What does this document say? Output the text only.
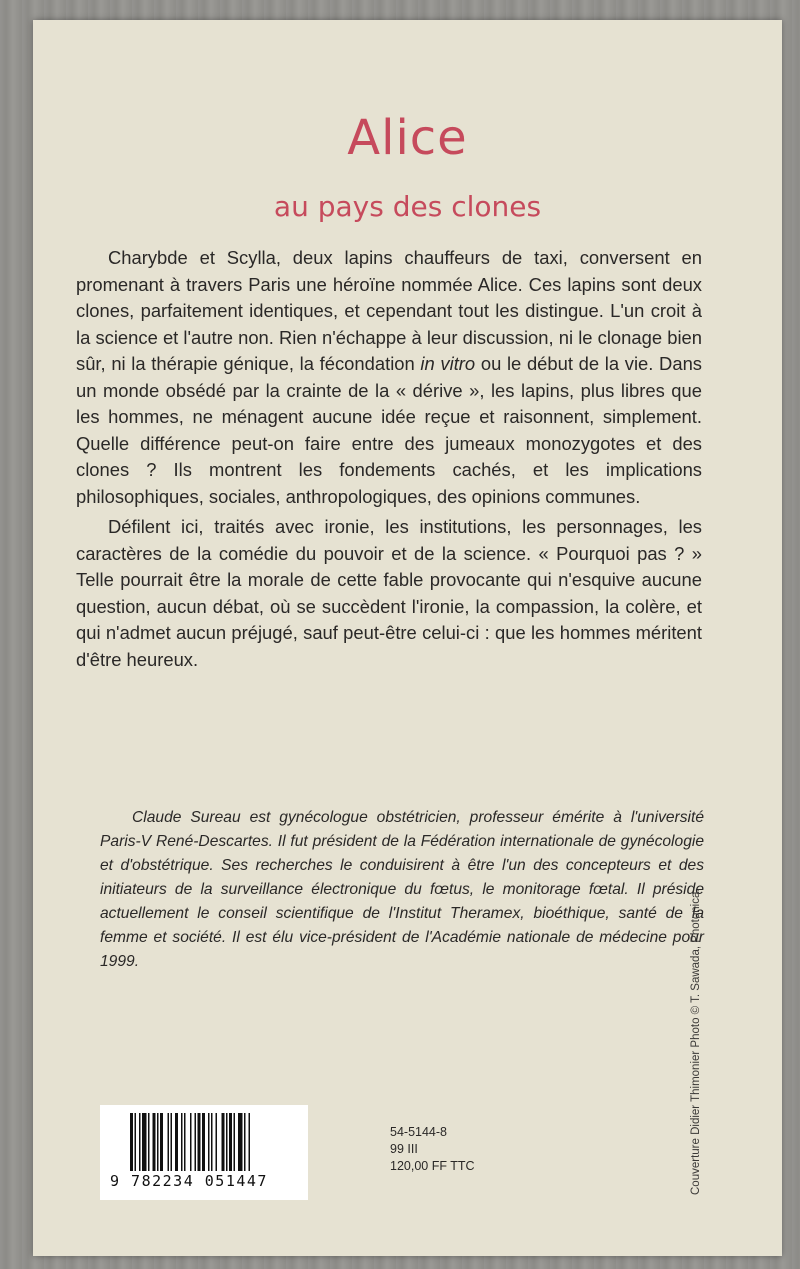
Alice
au pays des clones

Charybde et Scylla, deux lapins chauffeurs de taxi, conversent en promenant à travers Paris une héroïne nommée Alice. Ces lapins sont deux clones, parfaitement identiques, et cependant tout les distingue. L'un croit à la science et l'autre non. Rien n'échappe à leur discussion, ni le clonage bien sûr, ni la thérapie génique, la fécondation in vitro ou le début de la vie. Dans un monde obsédé par la crainte de la « dérive », les lapins, plus libres que les hommes, ne ménagent aucune idée reçue et raisonnent, simplement. Quelle différence peut-on faire entre des jumeaux monozygotes et des clones ? Ils montrent les fondements cachés, et les implications philosophiques, sociales, anthropologiques, des opinions communes.

Défilent ici, traités avec ironie, les institutions, les personnages, les caractères de la comédie du pouvoir et de la science. « Pourquoi pas ? » Telle pourrait être la morale de cette fable provocante qui n'esquive aucune question, aucun débat, où se succèdent l'ironie, la compassion, la colère, et qui n'admet aucun préjugé, sauf peut-être celui-ci : que les hommes méritent d'être heureux.

Claude Sureau est gynécologue obstétricien, professeur émérite à l'université Paris-V René-Descartes. Il fut président de la Fédération internationale de gynécologie et d'obstétrique. Ses recherches le conduisirent à être l'un des concepteurs et des initiateurs de la surveillance électronique du fœtus, le monitorage fœtal. Il préside actuellement le conseil scientifique de l'Institut Theramex, bioéthique, santé de la femme et société. Il est élu vice-président de l'Académie nationale de médecine pour 1999.

9 782234 051447
54-5144-8
99 III
120,00 FF TTC	Couverture Didier Thimonier Photo © T. Sawada, Photonica.
